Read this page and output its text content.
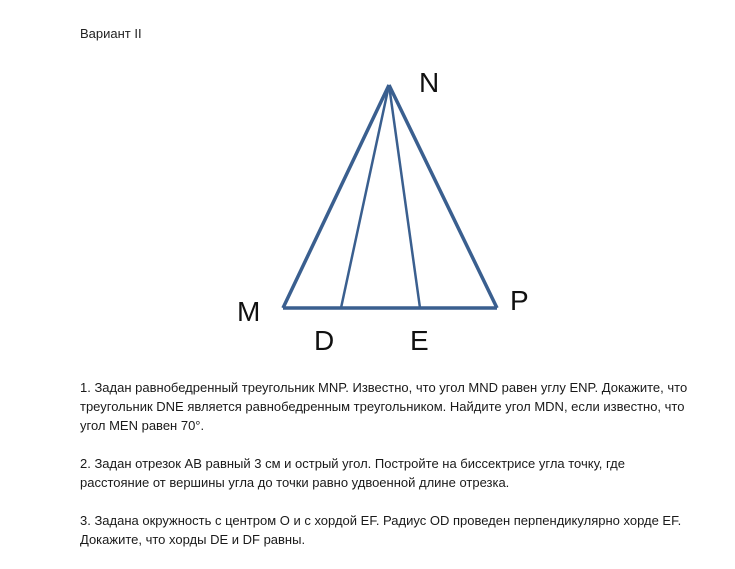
Вариант II
N
M	P
D	E

1. Задан равнобедренный треугольник MNP. Известно, что угол MND равен углу ENP. Докажите, что треугольник DNE является равнобедренным треугольником. Найдите угол MDN, если известно, что угол MEN равен 70°.

2. Задан отрезок АВ равный 3 см и острый угол. Постройте на биссектрисе угла точку, где расстояние от вершины угла до точки равно удвоенной длине отрезка.

3. Задана окружность с центром О и с хордой EF. Радиус OD проведен перпендикулярно хорде EF. Докажите, что хорды DE и DF равны.
